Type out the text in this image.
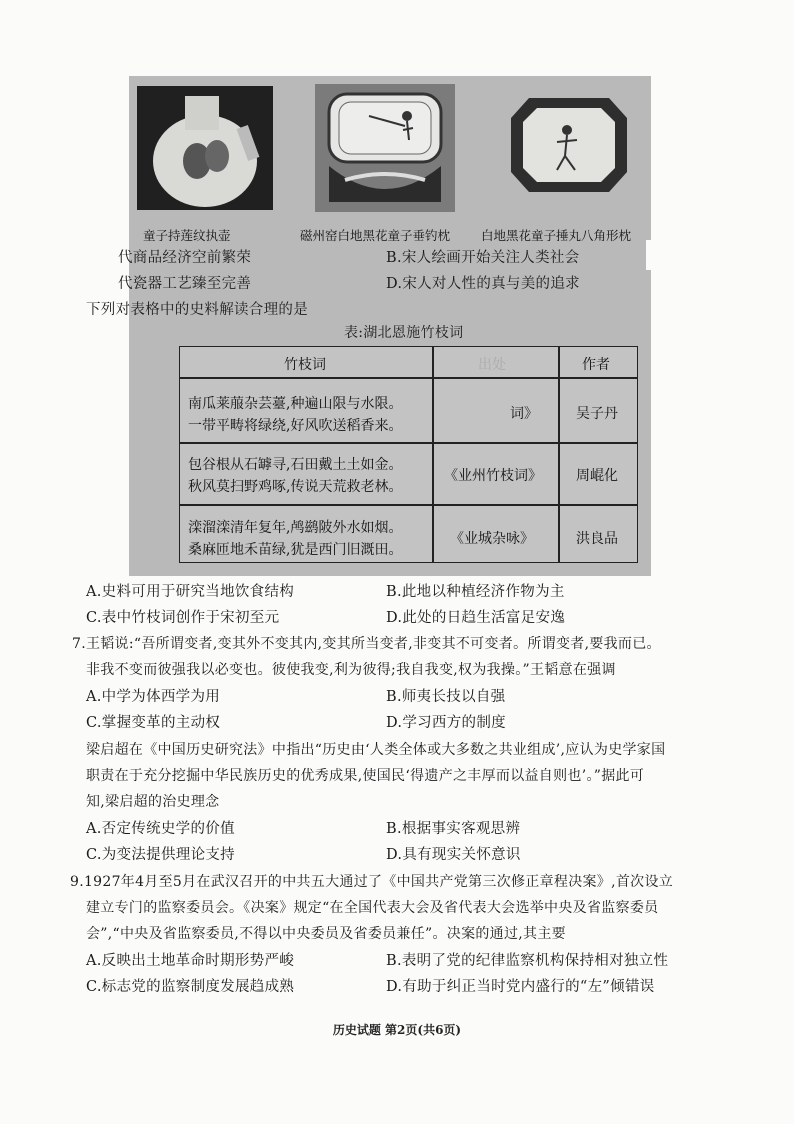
童子持莲纹执壶	磁州窑白地黑花童子垂钓枕 白地黑花童子捶丸八角形枕
代商品经济空前繁荣	B.宋人绘画开始关注人类社会
代瓷器工艺臻至完善	D.宋人对人性的真与美的追求
下列对表格中的史料解读合理的是
表:湖北恩施竹枝词
竹枝词	出处	作者
南瓜莱菔杂芸薹,种遍山限与水限。
一带平畴将绿绕,好风吹送稻香来。
词》	吴子丹
包谷根从石罅寻,石田戴土土如金。
秋风莫扫野鸡啄,传说天荒救老林。
《业州竹枝词》 周崐化
滦溜滦清年复年,鸬鹚陂外水如烟。
桑麻匝地禾苗绿,犹是西门旧溉田。
《业城杂咏》	洪良品
A.史料可用于研究当地饮食结构	B.此地以种植经济作物为主
C.表中竹枝词创作于宋初至元	D.此处的日趋生活富足安逸
7.王韬说:“吾所谓变者,变其外不变其内,变其所当变者,非变其不可变者。所谓变者,要我而已。
非我不变而彼强我以必变也。彼使我变,利为彼得;我自我变,权为我操。”王韬意在强调
A.中学为体西学为用	B.师夷长技以自强
C.掌握变革的主动权	D.学习西方的制度
梁启超在《中国历史研究法》中指出“历史由‘人类全体或大多数之共业组成’,应认为史学家国
职责在于充分挖掘中华民族历史的优秀成果,使国民‘得遗产之丰厚而以益自则也’。”据此可
知,梁启超的治史理念
A.否定传统史学的价值	B.根据事实客观思辨
C.为变法提供理论支持	D.具有现实关怀意识
9.1927年4月至5月在武汉召开的中共五大通过了《中国共产党第三次修正章程决案》,首次设立
建立专门的监察委员会。《决案》规定“在全国代表大会及省代表大会选举中央及省监察委员
会”,“中央及省监察委员,不得以中央委员及省委员兼任”。决案的通过,其主要
A.反映出土地革命时期形势严峻	B.表明了党的纪律监察机构保持相对独立性
C.标志党的监察制度发展趋成熟	D.有助于纠正当时党内盛行的“左”倾错误
历史试题 第2页(共6页)
